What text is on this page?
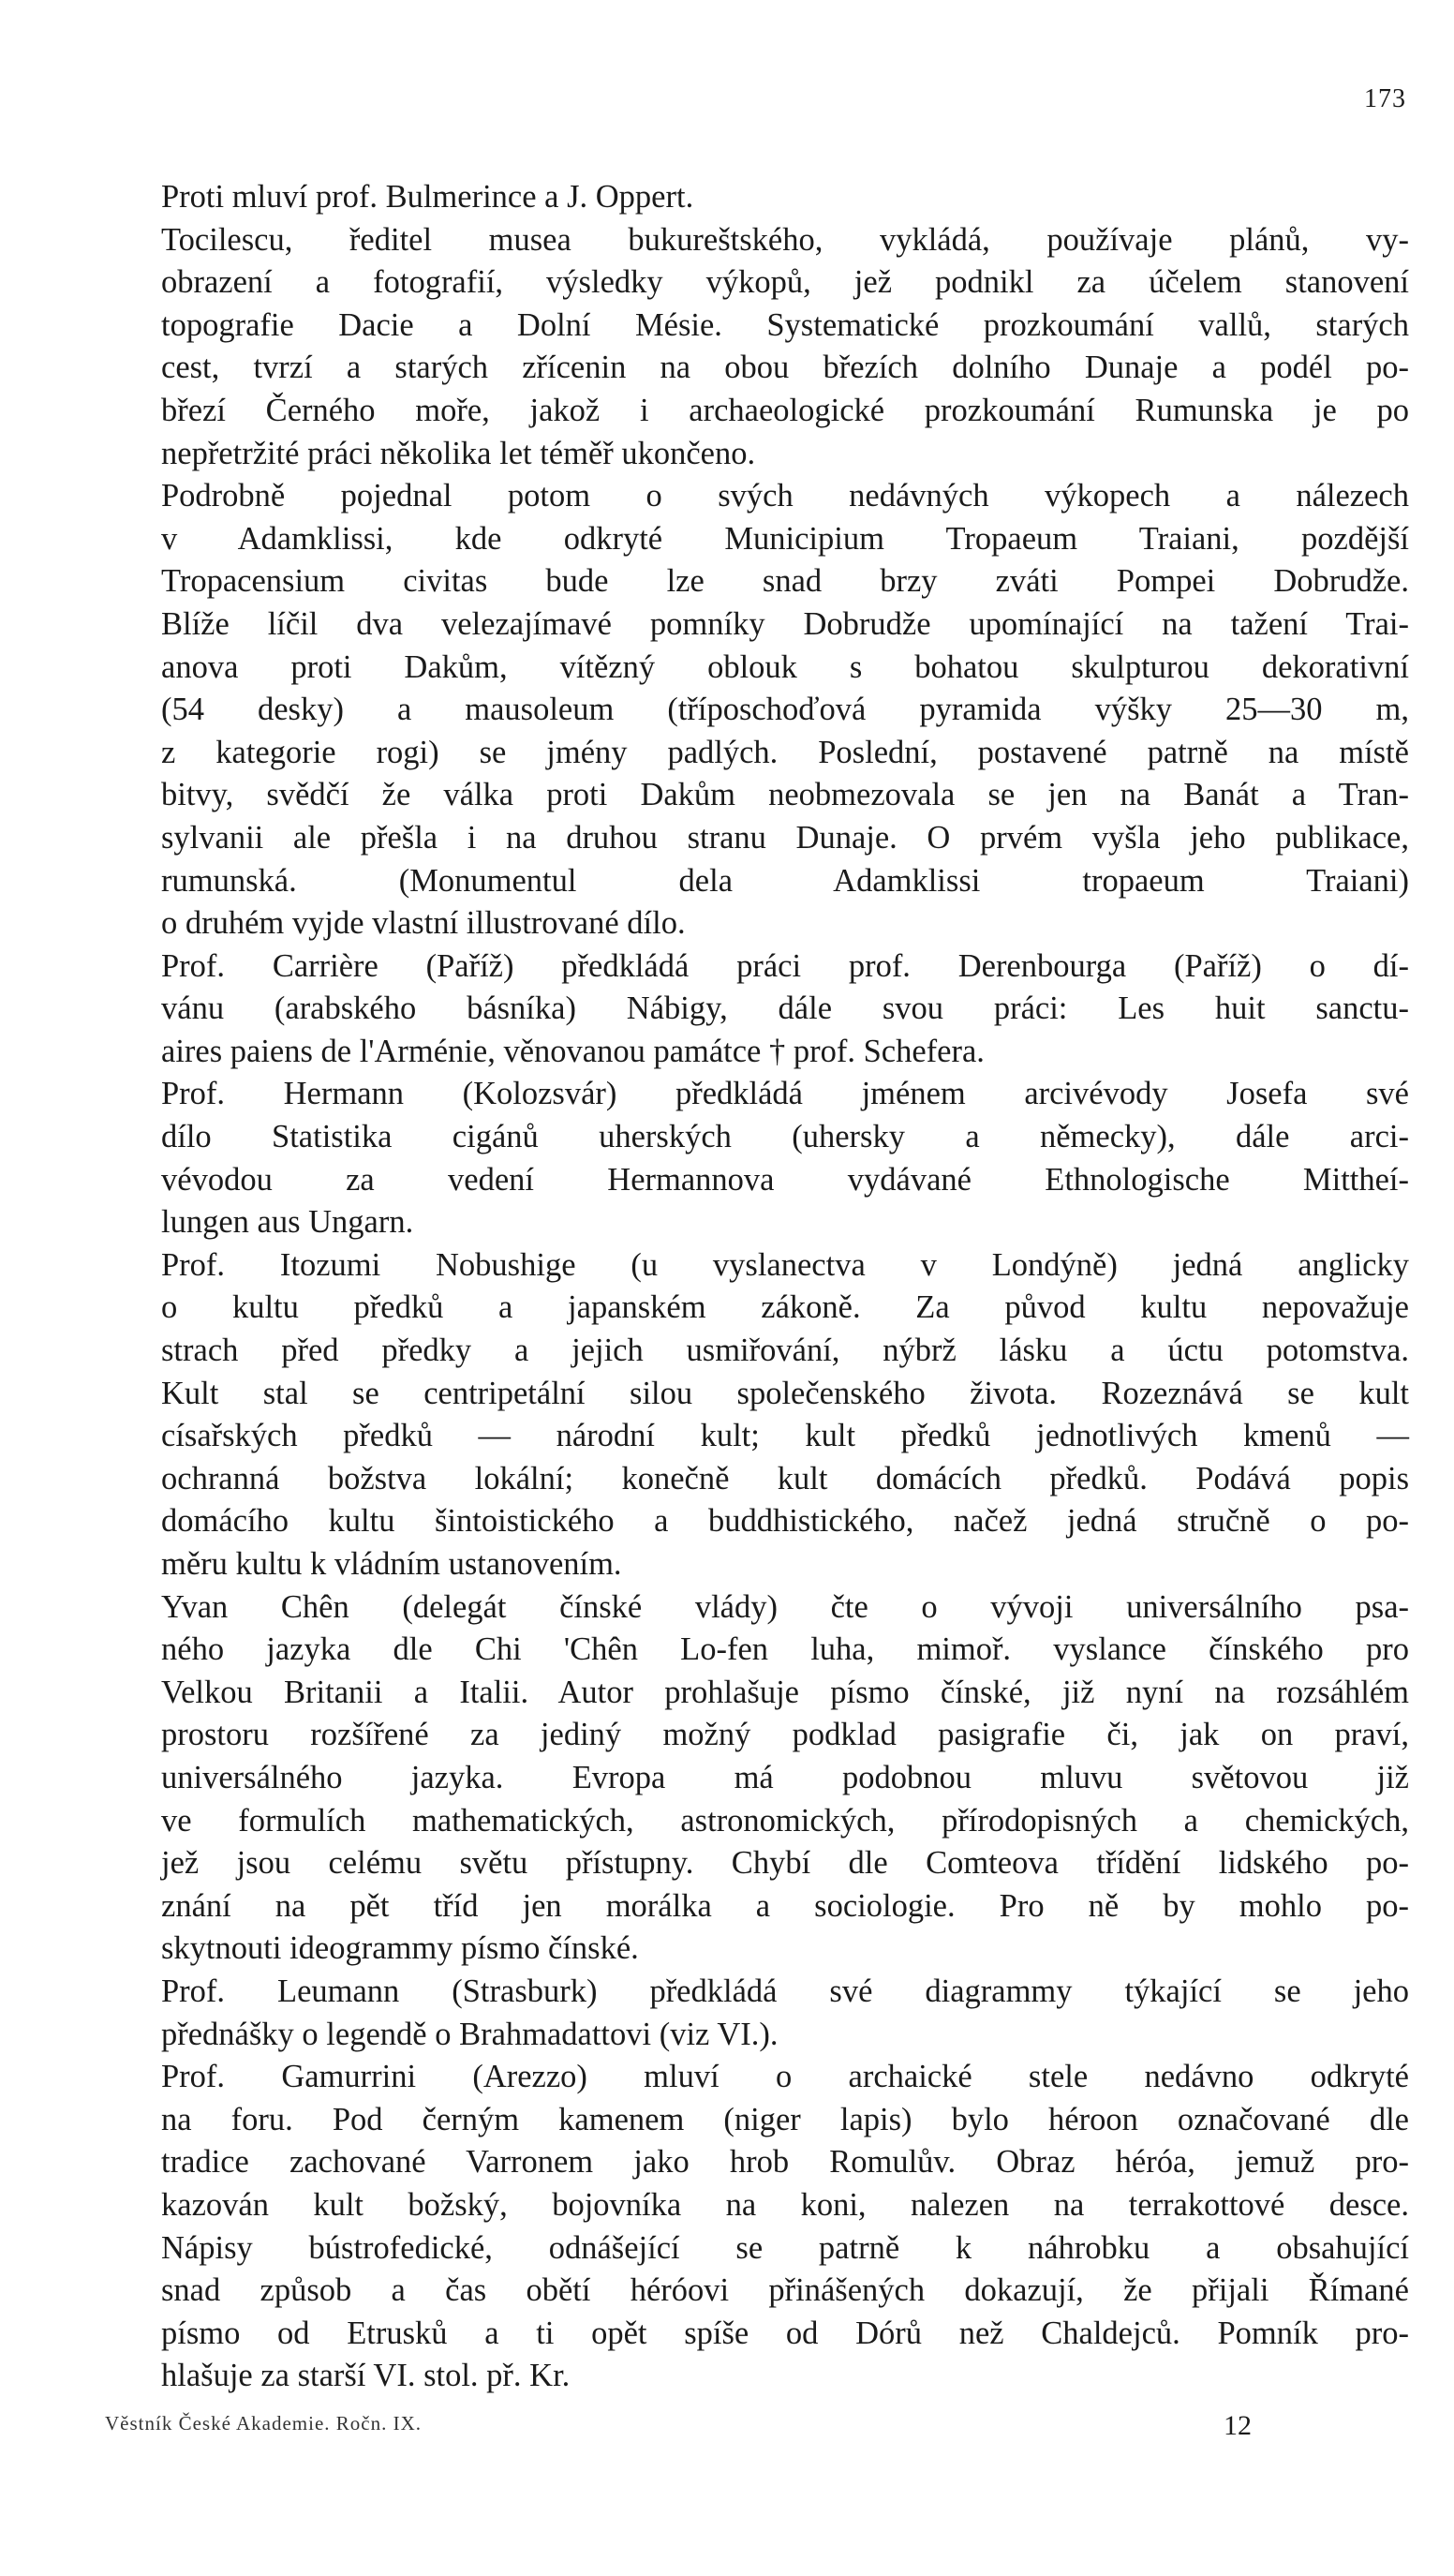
173
Proti mluví prof. Bulmerince a J. Oppert.
Tocilescu, ředitel musea bukureštského, vykládá, používaje plánů, vy-
obrazení a fotografií, výsledky výkopů, jež podnikl za účelem stanovení
topografie Dacie a Dolní Mésie. Systematické prozkoumání vallů, starých
cest, tvrzí a starých zřícenin na obou březích dolního Dunaje a podél po-
březí Černého moře, jakož i archaeologické prozkoumání Rumunska je po
nepřetržité práci několika let téměř ukončeno.
Podrobně pojednal potom o svých nedávných výkopech a nálezech
v Adamklissi, kde odkryté Municipium Tropaeum Traiani, pozdější
Tropacensium civitas bude lze snad brzy zváti Pompei Dobrudže.
Blíže líčil dva velezajímavé pomníky Dobrudže upomínající na tažení Trai-
anova proti Dakům, vítězný oblouk s bohatou skulpturou dekorativní
(54 desky) a mausoleum (tříposchoďová pyramida výšky 25—30 m,
z kategorie rogi) se jmény padlých. Poslední, postavené patrně na místě
bitvy, svědčí že válka proti Dakům neobmezovala se jen na Banát a Tran-
sylvanii ale přešla i na druhou stranu Dunaje. O prvém vyšla jeho publikace,
rumunská. (Monumentul dela Adamklissi tropaeum Traiani)
o druhém vyjde vlastní illustrované dílo.
Prof. Carrière (Paříž) předkládá práci prof. Derenbourga (Paříž) o dí-
vánu (arabského básníka) Nábigy, dále svou práci: Les huit sanctu-
aires paiens de l'Arménie, věnovanou památce † prof. Schefera.
Prof. Hermann (Kolozsvár) předkládá jménem arcivévody Josefa své
dílo Statistika cigánů uherských (uhersky a německy), dále arci-
vévodou za vedení Hermannova vydávané Ethnologische Mittheí-
lungen aus Ungarn.
Prof. Itozumi Nobushige (u vyslanectva v Londýně) jedná anglicky
o kultu předků a japanském zákoně. Za původ kultu nepovažuje
strach před předky a jejich usmiřování, nýbrž lásku a úctu potomstva.
Kult stal se centripetální silou společenského života. Rozeznává se kult
císařských předků — národní kult; kult předků jednotlivých kmenů —
ochranná božstva lokální; konečně kult domácích předků. Podává popis
domácího kultu šintoistického a buddhistického, načež jedná stručně o po-
měru kultu k vládním ustanovením.
Yvan Chên (delegát čínské vlády) čte o vývoji universálního psa-
ného jazyka dle Chi 'Chên Lo-fen luha, mimoř. vyslance čínského pro
Velkou Britanii a Italii. Autor prohlašuje písmo čínské, již nyní na rozsáhlém
prostoru rozšířené za jediný možný podklad pasigrafie či, jak on praví,
universálného jazyka. Evropa má podobnou mluvu světovou již
ve formulích mathematických, astronomických, přírodopisných a chemických,
jež jsou celému světu přístupny. Chybí dle Comteova třídění lidského po-
znání na pět tříd jen morálka a sociologie. Pro ně by mohlo po-
skytnouti ideogrammy písmo čínské.
Prof. Leumann (Strasburk) předkládá své diagrammy týkající se jeho
přednášky o legendě o Brahmadattovi (viz VI.).
Prof. Gamurrini (Arezzo) mluví o archaické stele nedávno odkryté
na foru. Pod černým kamenem (niger lapis) bylo héroon označované dle
tradice zachované Varronem jako hrob Romulův. Obraz héróa, jemuž pro-
kazován kult božský, bojovníka na koni, nalezen na terrakottové desce.
Nápisy bústrofedické, odnášející se patrně k náhrobku a obsahující
snad způsob a čas obětí héróovi přinášených dokazují, že přijali Římané
písmo od Etrusků a ti opět spíše od Dórů než Chaldejců. Pomník pro-
hlašuje za starší VI. stol. př. Kr.
Věstník České Akademie. Ročn. IX.	12
